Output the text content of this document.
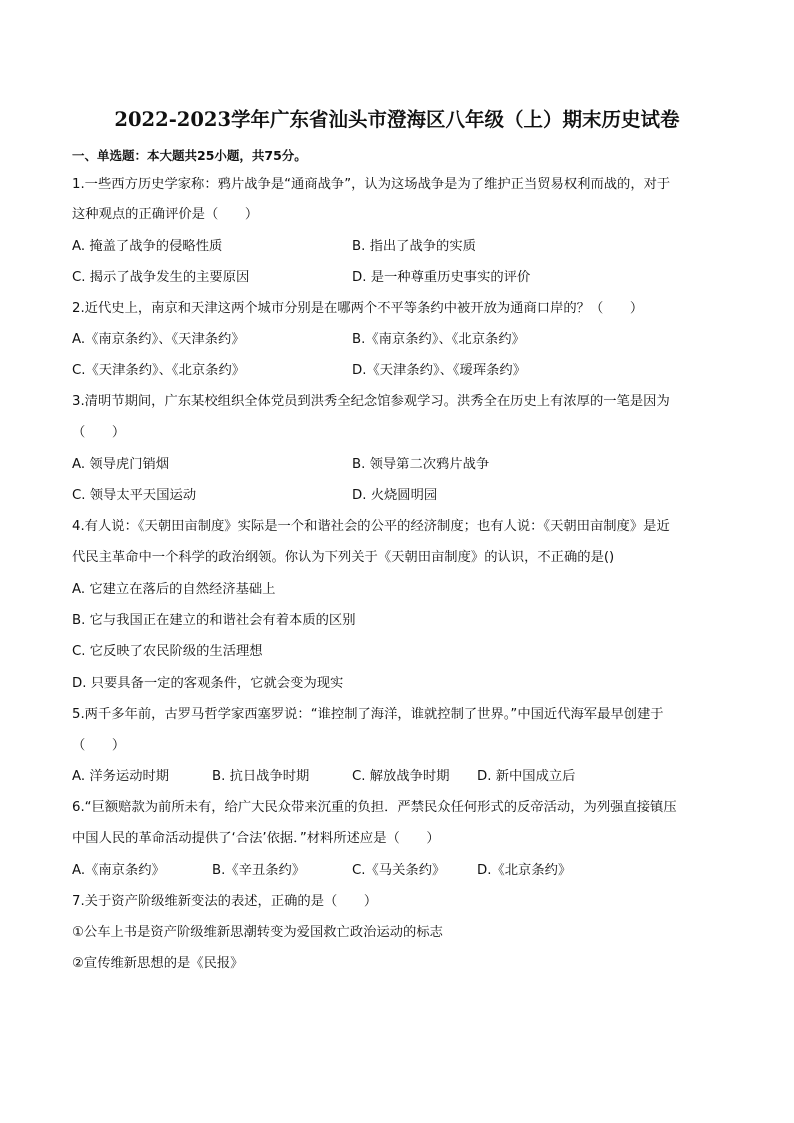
2022-2023学年广东省汕头市澄海区八年级（上）期末历史试卷
一、单选题：本大题共25小题，共75分。
1.一些西方历史学家称：鸦片战争是“通商战争”，认为这场战争是为了维护正当贸易权利而战的，对于
这种观点的正确评价是（　　）
A. 掩盖了战争的侵略性质	B. 指出了战争的实质
C. 揭示了战争发生的主要原因	D. 是一种尊重历史事实的评价
2.近代史上，南京和天津这两个城市分别是在哪两个不平等条约中被开放为通商口岸的？（　　）
A.《南京条约》、《天津条约》	B.《南京条约》、《北京条约》
C.《天津条约》、《北京条约》	D.《天津条约》、《瑷珲条约》
3.清明节期间，广东某校组织全体党员到洪秀全纪念馆参观学习。洪秀全在历史上有浓厚的一笔是因为
（　　）
A. 领导虎门销烟	B. 领导第二次鸦片战争
C. 领导太平天国运动	D. 火烧圆明园
4.有人说：《天朝田亩制度》实际是一个和谐社会的公平的经济制度；也有人说：《天朝田亩制度》是近
代民主革命中一个科学的政治纲领。你认为下列关于《天朝田亩制度》的认识，不正确的是()
A. 它建立在落后的自然经济基础上
B. 它与我国正在建立的和谐社会有着本质的区别
C. 它反映了农民阶级的生活理想
D. 只要具备一定的客观条件，它就会变为现实
5.两千多年前，古罗马哲学家西塞罗说：“谁控制了海洋，谁就控制了世界。”中国近代海军最早创建于
（　　）
A. 洋务运动时期	B. 抗日战争时期	C. 解放战争时期 D. 新中国成立后
6.“巨额赔款为前所未有，给广大民众带来沉重的负担．严禁民众任何形式的反帝活动，为列强直接镇压
中国人民的革命活动提供了‘合法’依据．”材料所述应是（　　）
A.《南京条约》	B.《辛丑条约》	C.《马关条约》 D.《北京条约》
7.关于资产阶级维新变法的表述，正确的是（　　）
①公车上书是资产阶级维新思潮转变为爱国救亡政治运动的标志
②宣传维新思想的是《民报》
